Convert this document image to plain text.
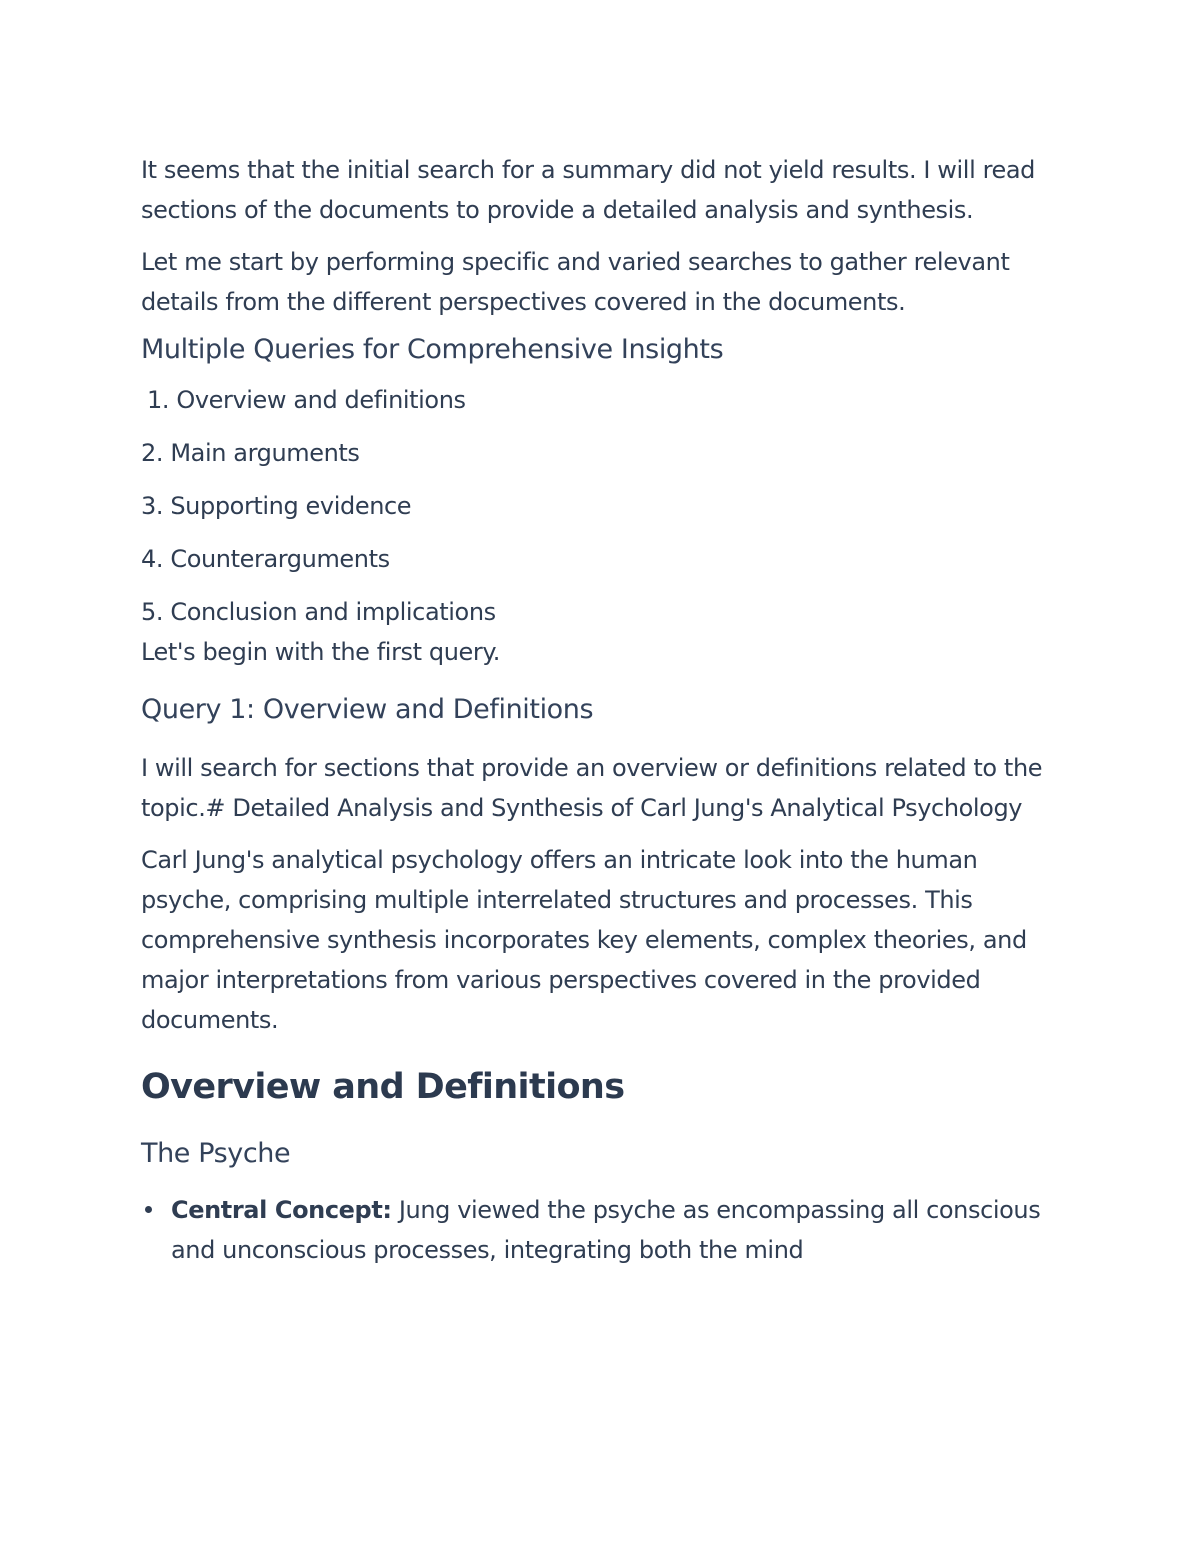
It seems that the initial search for a summary did not yield results. I will read sections of the documents to provide a detailed analysis and synthesis.

Let me start by performing specific and varied searches to gather relevant details from the different perspectives covered in the documents.

Multiple Queries for Comprehensive Insights
1. Overview and definitions
2. Main arguments
3. Supporting evidence
4. Counterarguments
5. Conclusion and implications

Let's begin with the first query.

Query 1: Overview and Definitions

I will search for sections that provide an overview or definitions related to the topic.# Detailed Analysis and Synthesis of Carl Jung's Analytical Psychology

Carl Jung's analytical psychology offers an intricate look into the human psyche, comprising multiple interrelated structures and processes. This comprehensive synthesis incorporates key elements, complex theories, and major interpretations from various perspectives covered in the provided documents.

Overview and Definitions
The Psyche
Central Concept: Jung viewed the psyche as encompassing all conscious and unconscious processes, integrating both the mind
